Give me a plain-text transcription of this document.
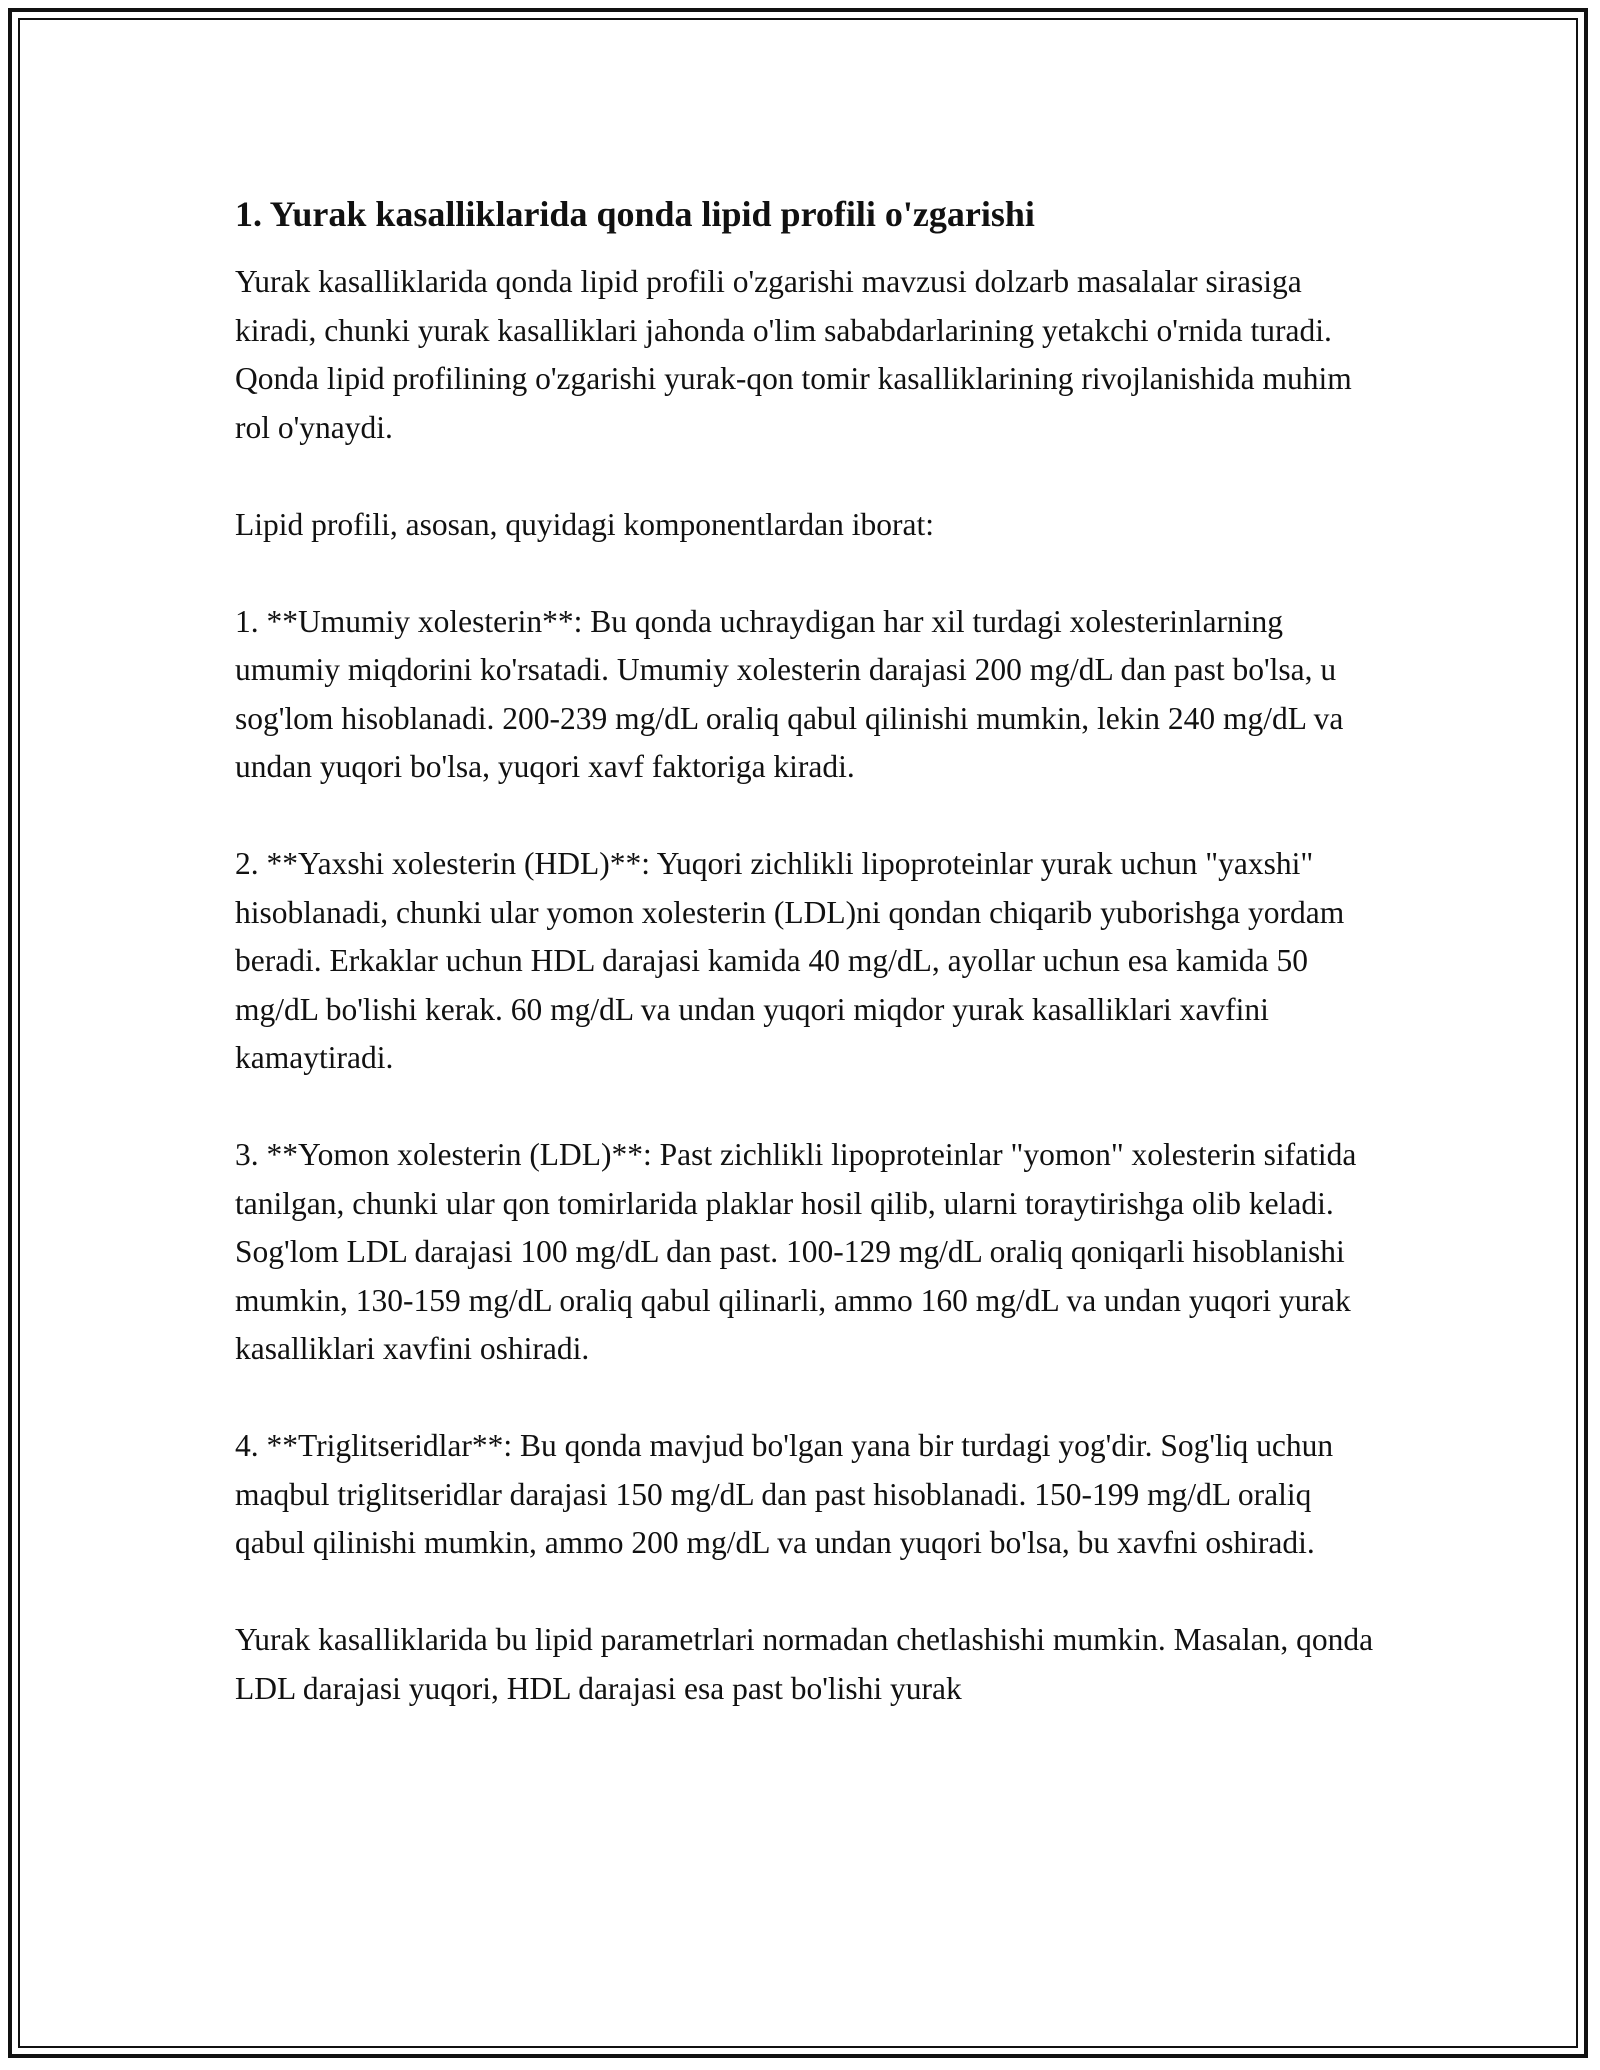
1. Yurak kasalliklarida qonda lipid profili o'zgarishi

Yurak kasalliklarida qonda lipid profili o'zgarishi mavzusi dolzarb masalalar sirasiga kiradi, chunki yurak kasalliklari jahonda o'lim sababdarlarining yetakchi o'rnida turadi. Qonda lipid profilining o'zgarishi yurak-qon tomir kasalliklarining rivojlanishida muhim rol o'ynaydi.

Lipid profili, asosan, quyidagi komponentlardan iborat:

1. **Umumiy xolesterin**: Bu qonda uchraydigan har xil turdagi xolesterinlarning umumiy miqdorini ko'rsatadi. Umumiy xolesterin darajasi 200 mg/dL dan past bo'lsa, u sog'lom hisoblanadi. 200-239 mg/dL oraliq qabul qilinishi mumkin, lekin 240 mg/dL va undan yuqori bo'lsa, yuqori xavf faktoriga kiradi.

2. **Yaxshi xolesterin (HDL)**: Yuqori zichlikli lipoproteinlar yurak uchun "yaxshi" hisoblanadi, chunki ular yomon xolesterin (LDL)ni qondan chiqarib yuborishga yordam beradi. Erkaklar uchun HDL darajasi kamida 40 mg/dL, ayollar uchun esa kamida 50 mg/dL bo'lishi kerak. 60 mg/dL va undan yuqori miqdor yurak kasalliklari xavfini kamaytiradi.

3. **Yomon xolesterin (LDL)**: Past zichlikli lipoproteinlar "yomon" xolesterin sifatida tanilgan, chunki ular qon tomirlarida plaklar hosil qilib, ularni toraytirishga olib keladi. Sog'lom LDL darajasi 100 mg/dL dan past. 100-129 mg/dL oraliq qoniqarli hisoblanishi mumkin, 130-159 mg/dL oraliq qabul qilinarli, ammo 160 mg/dL va undan yuqori yurak kasalliklari xavfini oshiradi.

4. **Triglitseridlar**: Bu qonda mavjud bo'lgan yana bir turdagi yog'dir. Sog'liq uchun maqbul triglitseridlar darajasi 150 mg/dL dan past hisoblanadi. 150-199 mg/dL oraliq qabul qilinishi mumkin, ammo 200 mg/dL va undan yuqori bo'lsa, bu xavfni oshiradi.

Yurak kasalliklarida bu lipid parametrlari normadan chetlashishi mumkin. Masalan, qonda LDL darajasi yuqori, HDL darajasi esa past bo'lishi yurak
